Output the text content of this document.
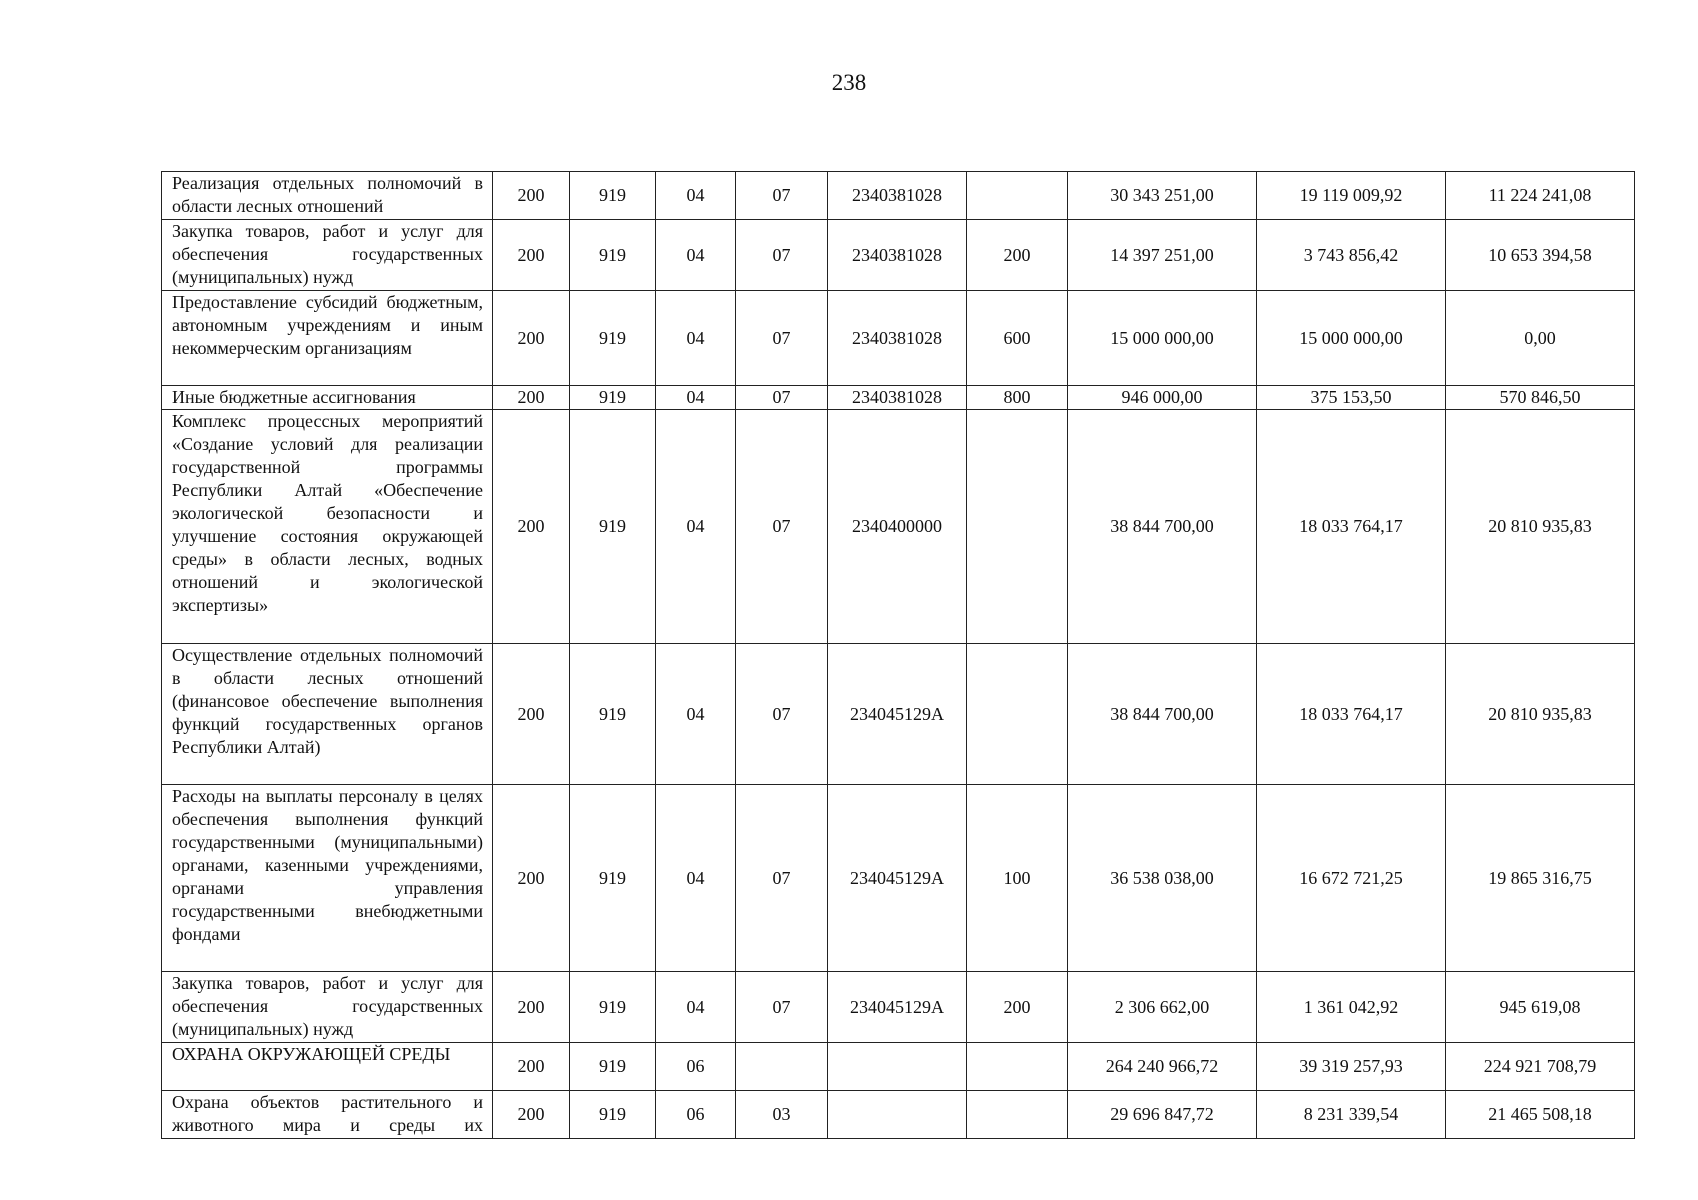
238
Реализация отдельных полномочий в области лесных отношений	200	919	04	07	2340381028		30 343 251,00	19 119 009,92	11 224 241,08
Закупка товаров, работ и услуг для обеспечения государственных (муниципальных) нужд	200	919	04	07	2340381028	200	14 397 251,00	3 743 856,42	10 653 394,58
Предоставление субсидий бюджетным, автономным учреждениям и иным некоммерческим организациям	200	919	04	07	2340381028	600	15 000 000,00	15 000 000,00	0,00
Иные бюджетные ассигнования	200	919	04	07	2340381028	800	946 000,00	375 153,50	570 846,50
Комплекс процессных мероприятий «Создание условий для реализации государственной программы Республики Алтай «Обеспечение экологической безопасности и улучшение состояния окружающей среды» в области лесных, водных отношений и экологической экспертизы»	200	919	04	07	2340400000		38 844 700,00	18 033 764,17	20 810 935,83
Осуществление отдельных полномочий в области лесных отношений (финансовое обеспечение выполнения функций государственных органов Республики Алтай)	200	919	04	07	234045129А		38 844 700,00	18 033 764,17	20 810 935,83
Расходы на выплаты персоналу в целях обеспечения выполнения функций государственными (муниципальными) органами, казенными учреждениями, органами управления государственными внебюджетными фондами	200	919	04	07	234045129А	100	36 538 038,00	16 672 721,25	19 865 316,75
Закупка товаров, работ и услуг для обеспечения государственных (муниципальных) нужд	200	919	04	07	234045129А	200	2 306 662,00	1 361 042,92	945 619,08
ОХРАНА ОКРУЖАЮЩЕЙ СРЕДЫ	200	919	06				264 240 966,72	39 319 257,93	224 921 708,79
Охрана объектов растительного и животного мира и среды их	200	919	06	03			29 696 847,72	8 231 339,54	21 465 508,18
